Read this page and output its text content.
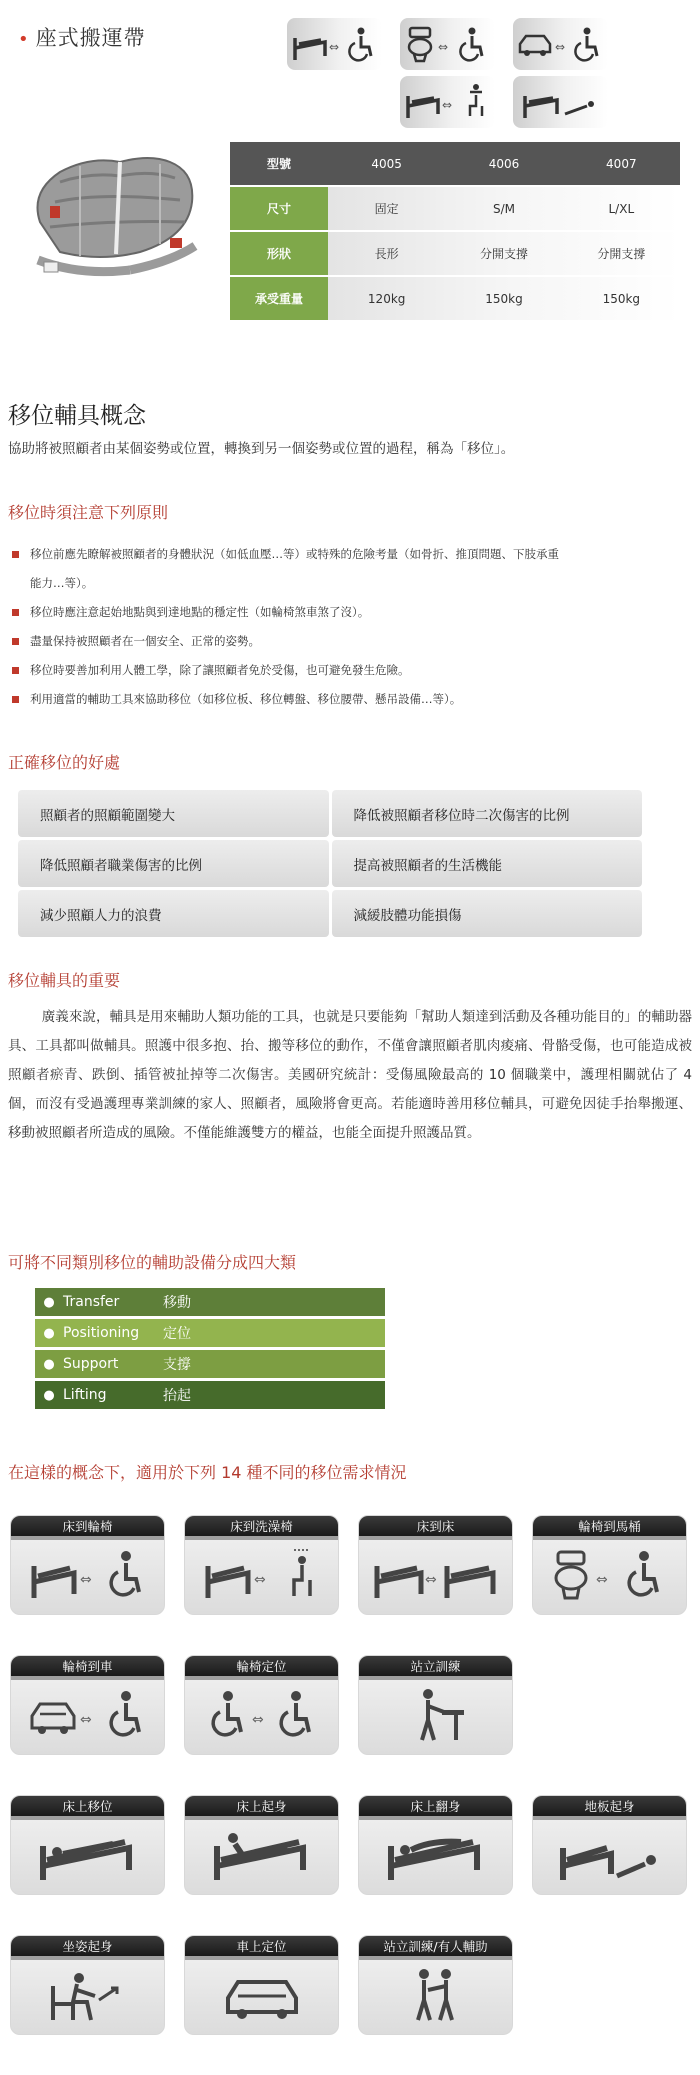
• 座式搬運帶	⇔	⇔	⇔
⇔
型號	4005	4006	4007
尺寸	固定	S/M	L/XL
形狀	長形	分開支撐	分開支撐
承受重量	120kg	150kg	150kg
移位輔具概念
協助將被照顧者由某個姿勢或位置，轉換到另一個姿勢或位置的過程，稱為「移位」。
移位時須注意下列原則
移位前應先瞭解被照顧者的身體狀況（如低血壓…等）或特殊的危險考量（如骨折、推頂問題、下肢承重
能力…等）。
移位時應注意起始地點與到達地點的穩定性（如輪椅煞車煞了沒）。
盡量保持被照顧者在一個安全、正常的姿勢。
移位時要善加利用人體工學，除了讓照顧者免於受傷，也可避免發生危險。
利用適當的輔助工具來協助移位（如移位板、移位轉盤、移位腰帶、懸吊設備…等）。
正確移位的好處
照顧者的照顧範圍變大	降低被照顧者移位時二次傷害的比例
降低照顧者職業傷害的比例	提高被照顧者的生活機能
減少照顧人力的浪費	減緩肢體功能損傷
移位輔具的重要

廣義來說，輔具是用來輔助人類功能的工具，也就是只要能夠「幫助人類達到活動及各種功能目的」的輔助器具、工具都叫做輔具。照護中很多抱、抬、搬等移位的動作，不僅會讓照顧者肌肉痠痛、骨骼受傷，也可能造成被照顧者瘀青、跌倒、插管被扯掉等二次傷害。美國研究統計：受傷風險最高的 10 個職業中，護理相關就佔了 4 個，而沒有受過護理專業訓練的家人、照顧者，風險將會更高。若能適時善用移位輔具，可避免因徒手抬舉搬運、移動被照顧者所造成的風險。不僅能維護雙方的權益，也能全面提升照護品質。

可將不同類別移位的輔助設備分成四大類
● Transfer	移動
● Positioning	定位
● Support	支撐
● Lifting	抬起
在這樣的概念下，適用於下列 14 種不同的移位需求情況
床到輪椅
⇔
床到洗澡椅
⇔
床到床
⇔
輪椅到馬桶
⇔
輪椅到車
⇔
輪椅定位
⇔
站立訓練
床上移位	床上起身	床上翻身	地板起身
坐姿起身	車上定位	站立訓練/有人輔助
